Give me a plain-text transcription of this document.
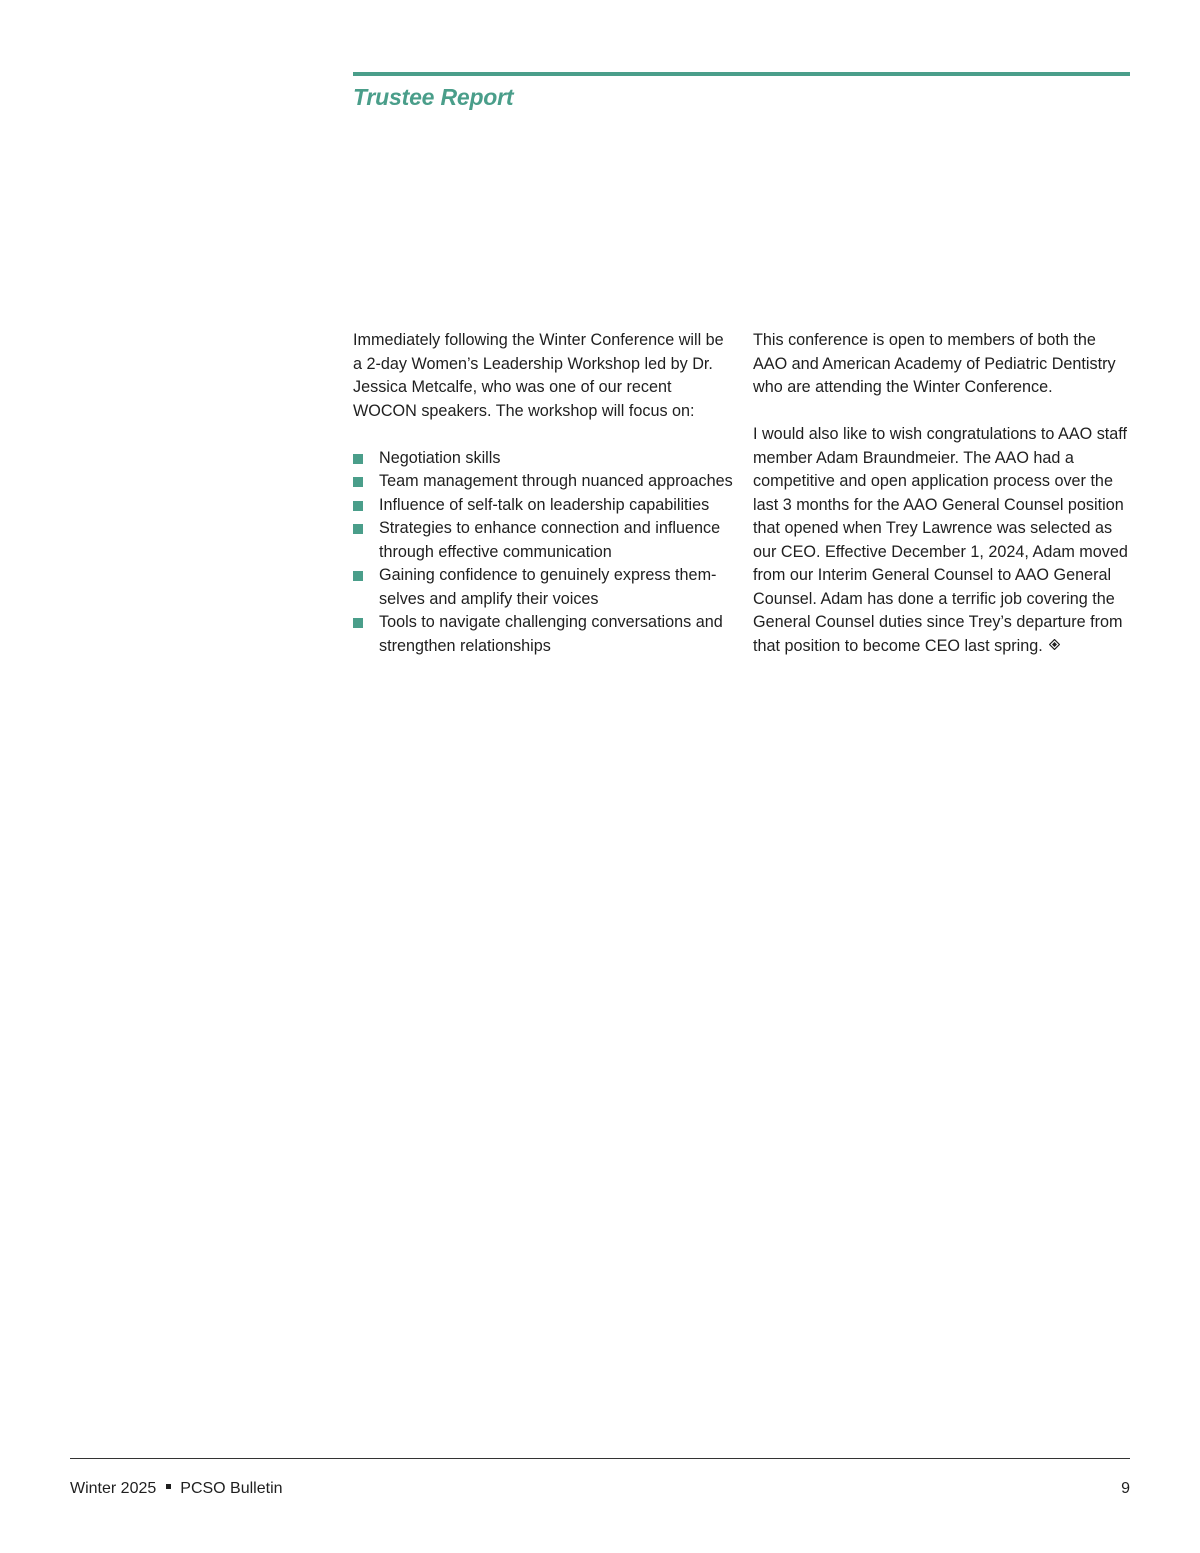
Trustee Report

Immediately following the Winter Conference will be a 2-day Women’s Leadership Workshop led by Dr. Jessica Metcalfe, who was one of our recent WOCON speakers. The workshop will focus on:

Negotiation skills
Team management through nuanced approaches
Influence of self-talk on leadership capabilities
Strategies to enhance connection and influence through effective communication
Gaining confidence to genuinely express them-selves and amplify their voices
Tools to navigate challenging conversations and strengthen relationships

This conference is open to members of both the AAO and American Academy of Pediatric Dentistry who are attending the Winter Conference.

I would also like to wish congratulations to AAO staff member Adam Braundmeier. The AAO had a competitive and open application process over the last 3 months for the AAO General Counsel position that opened when Trey Lawrence was selected as our CEO. Effective December 1, 2024, Adam moved from our Interim General Counsel to AAO General Counsel. Adam has done a terrific job covering the General Counsel duties since Trey’s departure from that position to become CEO last spring.

Winter 2025 PCSO Bulletin	9
